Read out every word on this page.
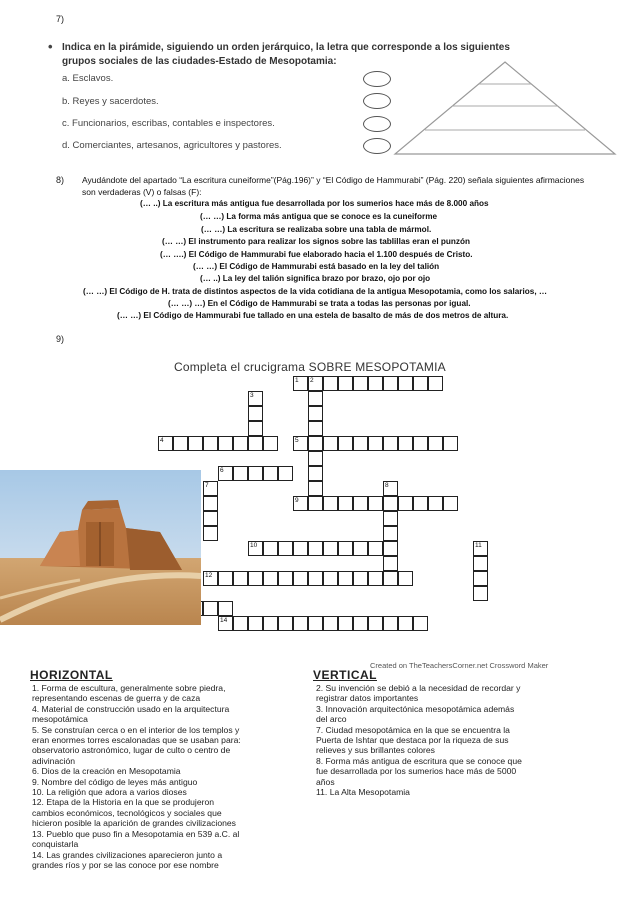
7)
• Indica en la pirámide, siguiendo un orden jerárquico, la letra que corresponde a los siguientes grupos sociales de las ciudades-Estado de Mesopotamia:
a. Esclavos.
b. Reyes y sacerdotes.
c. Funcionarios, escribas, contables e inspectores.
d. Comerciantes, artesanos, agricultores y pastores.
8) Ayudándote del apartado “La escritura cuneiforme”(Pág.196)” y “El Código de Hammurabi” (Pág. 220) señala siguientes afirmaciones
son verdaderas (V) o falsas (F):
(… ..) La escritura más antigua fue desarrollada por los sumerios hace más de 8.000 años
(… …) La forma más antigua que se conoce es la cuneiforme
(… …) La escritura se realizaba sobre una tabla de mármol.
(… …) El instrumento para realizar los signos sobre las tablillas eran el punzón
(… ….) El Código de Hammurabi fue elaborado hacia el 1.100 después de Cristo.
(… …) El Código de Hammurabi está basado en la ley del talión
(… ..) La ley del talión significa brazo por brazo, ojo por ojo
(… …) El Código de H. trata de distintos aspectos de la vida cotidiana de la antigua Mesopotamia, como los salarios, …
(… …) …) En el Código de Hammurabi se trata a todas las personas por igual.
(… …) El Código de Hammurabi fue tallado en una estela de basalto de más de dos metros de altura.
9)
Completa el crucigrama SOBRE MESOPOTAMIA
1 2
3
4	5
6
7	8
9
10	11
12
14
Created on TheTeachersCorner.net Crossword Maker
HORIZONTAL	VERTICAL
1. Forma de escultura, generalmente sobre piedra,
representando escenas de guerra y de caza
4. Material de construcción usado en la arquitectura
mesopotámica
5. Se construían cerca o en el interior de los templos y
eran enormes torres escalonadas que se usaban para:
observatorio astronómico, lugar de culto o centro de
adivinación
6. Dios de la creación en Mesopotamia
9. Nombre del código de leyes más antiguo
10. La religión que adora a varios dioses
12. Etapa de la Historia en la que se produjeron
cambios económicos, tecnológicos y sociales que
hicieron posible la aparición de grandes civilizaciones
13. Pueblo que puso fin a Mesopotamia en 539 a.C. al
conquistarla
14. Las grandes civilizaciones aparecieron junto a
grandes ríos y por se las conoce por ese nombre
2. Su invención se debió a la necesidad de recordar y
registrar datos importantes
3. Innovación arquitectónica mesopotámica además
del arco
7. Ciudad mesopotámica en la que se encuentra la
Puerta de Ishtar que destaca por la riqueza de sus
relieves y sus brillantes colores
8. Forma más antigua de escritura que se conoce que
fue desarrollada por los sumerios hace más de 5000
años
11. La Alta Mesopotamia
